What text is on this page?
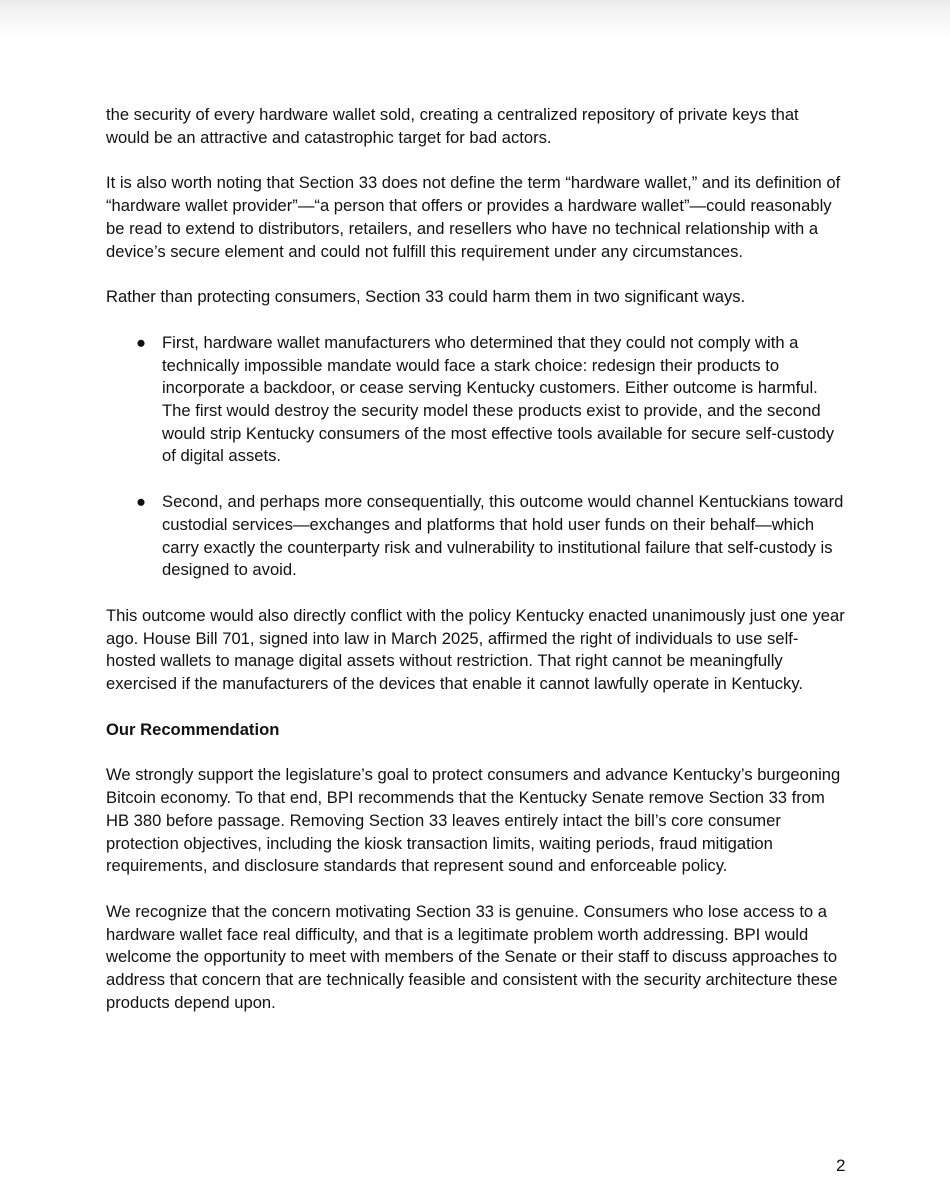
the security of every hardware wallet sold, creating a centralized repository of private keys that would be an attractive and catastrophic target for bad actors.

It is also worth noting that Section 33 does not define the term “hardware wallet,” and its definition of “hardware wallet provider”—“a person that offers or provides a hardware wallet”—could reasonably be read to extend to distributors, retailers, and resellers who have no technical relationship with a device’s secure element and could not fulfill this requirement under any circumstances.

Rather than protecting consumers, Section 33 could harm them in two significant ways.

● First, hardware wallet manufacturers who determined that they could not comply with a technically impossible mandate would face a stark choice: redesign their products to incorporate a backdoor, or cease serving Kentucky customers. Either outcome is harmful. The first would destroy the security model these products exist to provide, and the second would strip Kentucky consumers of the most effective tools available for secure self-custody of digital assets.
● Second, and perhaps more consequentially, this outcome would channel Kentuckians toward custodial services—exchanges and platforms that hold user funds on their behalf—which carry exactly the counterparty risk and vulnerability to institutional failure that self-custody is designed to avoid.

This outcome would also directly conflict with the policy Kentucky enacted unanimously just one year ago. House Bill 701, signed into law in March 2025, affirmed the right of individuals to use self-hosted wallets to manage digital assets without restriction. That right cannot be meaningfully exercised if the manufacturers of the devices that enable it cannot lawfully operate in Kentucky.

Our Recommendation

We strongly support the legislature’s goal to protect consumers and advance Kentucky’s burgeoning Bitcoin economy. To that end, BPI recommends that the Kentucky Senate remove Section 33 from HB 380 before passage. Removing Section 33 leaves entirely intact the bill’s core consumer protection objectives, including the kiosk transaction limits, waiting periods, fraud mitigation requirements, and disclosure standards that represent sound and enforceable policy.

We recognize that the concern motivating Section 33 is genuine. Consumers who lose access to a hardware wallet face real difficulty, and that is a legitimate problem worth addressing. BPI would welcome the opportunity to meet with members of the Senate or their staff to discuss approaches to address that concern that are technically feasible and consistent with the security architecture these products depend upon.

2
